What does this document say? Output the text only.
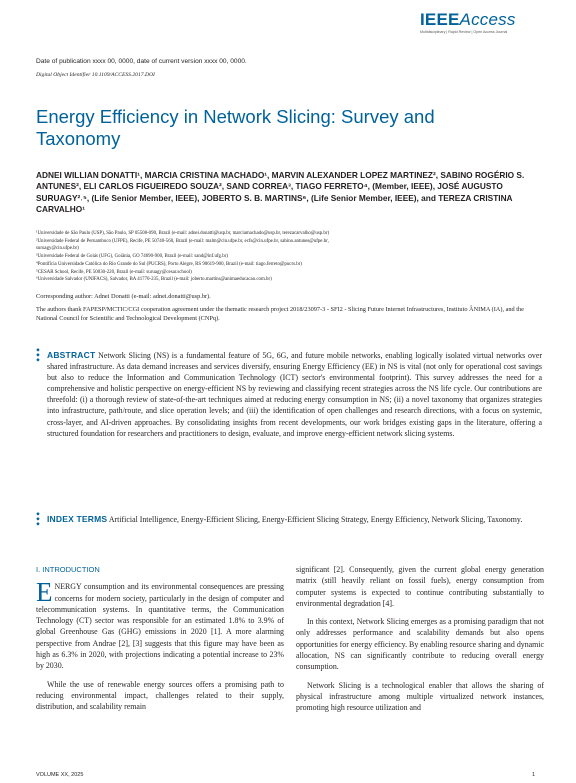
IEEEAccess
Multidisciplinary | Rapid Review | Open Access Journal
Date of publication xxxx 00, 0000, date of current version xxxx 00, 0000.
Digital Object Identifier 10.1109/ACCESS.2017.DOI
Energy Efficiency in Network Slicing: Survey and Taxonomy
ADNEI WILLIAN DONATTI¹, MARCIA CRISTINA MACHADO¹, MARVIN ALEXANDER LOPEZ MARTINEZ², SABINO ROGÉRIO S. ANTUNES², ELI CARLOS FIGUEIREDO SOUZA², SAND CORREA³, TIAGO FERRETO⁴, (Member, IEEE), JOSÉ AUGUSTO SURUAGY²˒⁵, (Life Senior Member, IEEE), JOBERTO S. B. MARTINS⁶, (Life Senior Member, IEEE), and TEREZA CRISTINA CARVALHO¹
¹Universidade de São Paulo (USP), São Paulo, SP 05508-090, Brazil (e-mail: adnei.donatti@usp.br, marciamachado@usp.br, terezacarvalho@usp.br)
²Universidade Federal de Pernambuco (UFPE), Recife, PE 50740-560, Brazil (e-mail: malm@cin.ufpe.br, ecfs@cin.ufpe.br, sabino.antunes@ufpe.br,
suruagy@cin.ufpe.br)
³Universidade Federal de Goiás (UFG), Goiânia, GO 74690-900, Brazil (e-mail: sand@inf.ufg.br)
⁴Pontifícia Universidade Católica do Rio Grande do Sul (PUCRS), Porto Alegre, RS 90619-900, Brazil (e-mail: tiago.ferreto@pucrs.br)
⁵CESAR School, Recife, PE 50030-220, Brazil (e-mail: suruagy@cesar.school)
⁶Universidade Salvador (UNIFACS), Salvador, BA 41770-235, Brazil (e-mail: joberto.martins@animaeducacao.com.br)
Corresponding author: Adnei Donatti (e-mail: adnei.donatti@usp.br).
The authors thank FAPESP/MCTIC/CGI cooperation agreement under the thematic research project 2018/23097-3 - SFI2 - Slicing Future Internet Infrastructures, Instituto ÂNIMA (IA), and the National Council for Scientific and Technological Development (CNPq).
◆
◆
◆ ABSTRACT Network Slicing (NS) is a fundamental feature of 5G, 6G, and future mobile networks, enabling logically isolated virtual networks over shared infrastructure. As data demand increases and services diversify, ensuring Energy Efficiency (EE) in NS is vital (not only for operational cost savings but also to reduce the Information and Communication Technology (ICT) sector's environmental footprint). This survey addresses the need for a comprehensive and holistic perspective on energy-efficient NS by reviewing and classifying recent strategies across the NS life cycle. Our contributions are threefold: (i) a thorough review of state-of-the-art techniques aimed at reducing energy consumption in NS; (ii) a novel taxonomy that organizes strategies into infrastructure, path/route, and slice operation levels; and (iii) the identification of open challenges and research directions, with a focus on systemic, cross-layer, and AI-driven approaches. By consolidating insights from recent developments, our work bridges existing gaps in the literature, offering a structured foundation for researchers and practitioners to design, evaluate, and improve energy-efficient network slicing systems.
◆
◆
◆ INDEX TERMS Artificial Intelligence, Energy-Efficient Slicing, Energy-Efficient Slicing Strategy, Energy Efficiency, Network Slicing, Taxonomy.
I. INTRODUCTION

ENERGY consumption and its environmental consequences are pressing concerns for modern society, particularly in the design of computer and telecommunication systems. In quantitative terms, the Communication Technology (CT) sector was responsible for an estimated 1.8% to 3.9% of global Greenhouse Gas (GHG) emissions in 2020 [1]. A more alarming perspective from Andrae [2], [3] suggests that this figure may have been as high as 6.3% in 2020, with projections indicating a potential increase to 23% by 2030.

While the use of renewable energy sources offers a promising path to reducing environmental impact, challenges related to their supply, distribution, and scalability remain

significant [2]. Consequently, given the current global energy generation matrix (still heavily reliant on fossil fuels), energy consumption from computer systems is expected to continue contributing substantially to environmental degradation [4].

In this context, Network Slicing emerges as a promising paradigm that not only addresses performance and scalability demands but also opens opportunities for energy efficiency. By enabling resource sharing and dynamic allocation, NS can significantly contribute to reducing overall energy consumption.

Network Slicing is a technological enabler that allows the sharing of physical infrastructure among multiple virtualized network instances, promoting high resource utilization and

VOLUME XX, 2025	1
